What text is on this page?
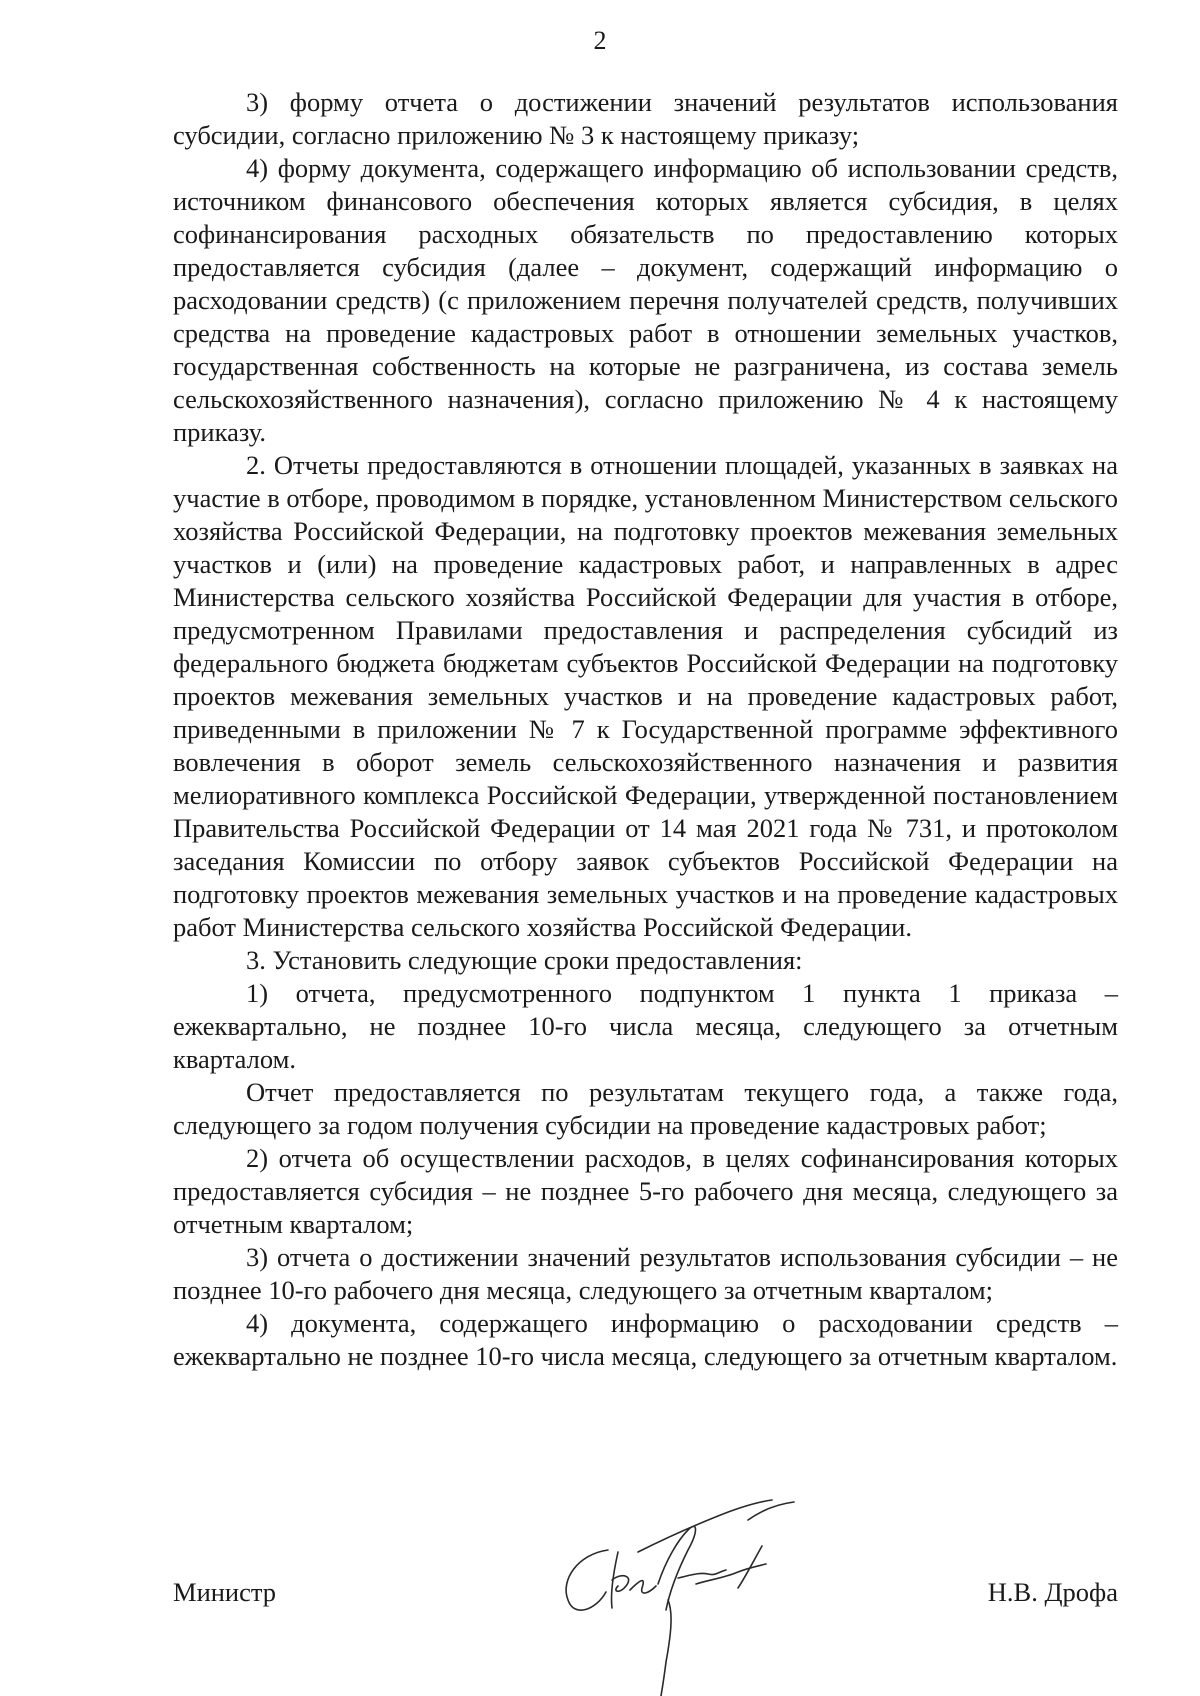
2

3) форму отчета о достижении значений результатов использования субсидии, согласно приложению № 3 к настоящему приказу;

4) форму документа, содержащего информацию об использовании средств, источником финансового обеспечения которых является субсидия, в целях софинансирования расходных обязательств по предоставлению которых предоставляется субсидия (далее – документ, содержащий информацию о расходовании средств) (с приложением перечня получателей средств, получивших средства на проведение кадастровых работ в отношении земельных участков, государственная собственность на которые не разграничена, из состава земель сельскохозяйственного назначения), согласно приложению № 4 к настоящему приказу.

2. Отчеты предоставляются в отношении площадей, указанных в заявках на участие в отборе, проводимом в порядке, установленном Министерством сельского хозяйства Российской Федерации, на подготовку проектов межевания земельных участков и (или) на проведение кадастровых работ, и направленных в адрес Министерства сельского хозяйства Российской Федерации для участия в отборе, предусмотренном Правилами предоставления и распределения субсидий из федерального бюджета бюджетам субъектов Российской Федерации на подготовку проектов межевания земельных участков и на проведение кадастровых работ, приведенными в приложении № 7 к Государственной программе эффективного вовлечения в оборот земель сельскохозяйственного назначения и развития мелиоративного комплекса Российской Федерации, утвержденной постановлением Правительства Российской Федерации от 14 мая 2021 года № 731, и протоколом заседания Комиссии по отбору заявок субъектов Российской Федерации на подготовку проектов межевания земельных участков и на проведение кадастровых работ Министерства сельского хозяйства Российской Федерации.

3. Установить следующие сроки предоставления:

1) отчета, предусмотренного подпунктом 1 пункта 1 приказа – ежеквартально, не позднее 10-го числа месяца, следующего за отчетным кварталом.

Отчет предоставляется по результатам текущего года, а также года, следующего за годом получения субсидии на проведение кадастровых работ;

2) отчета об осуществлении расходов, в целях софинансирования которых предоставляется субсидия – не позднее 5-го рабочего дня месяца, следующего за отчетным кварталом;

3) отчета о достижении значений результатов использования субсидии – не позднее 10-го рабочего дня месяца, следующего за отчетным кварталом;

4) документа, содержащего информацию о расходовании средств – ежеквартально не позднее 10-го числа месяца, следующего за отчетным кварталом.

Министр	Н.В. Дрофа
